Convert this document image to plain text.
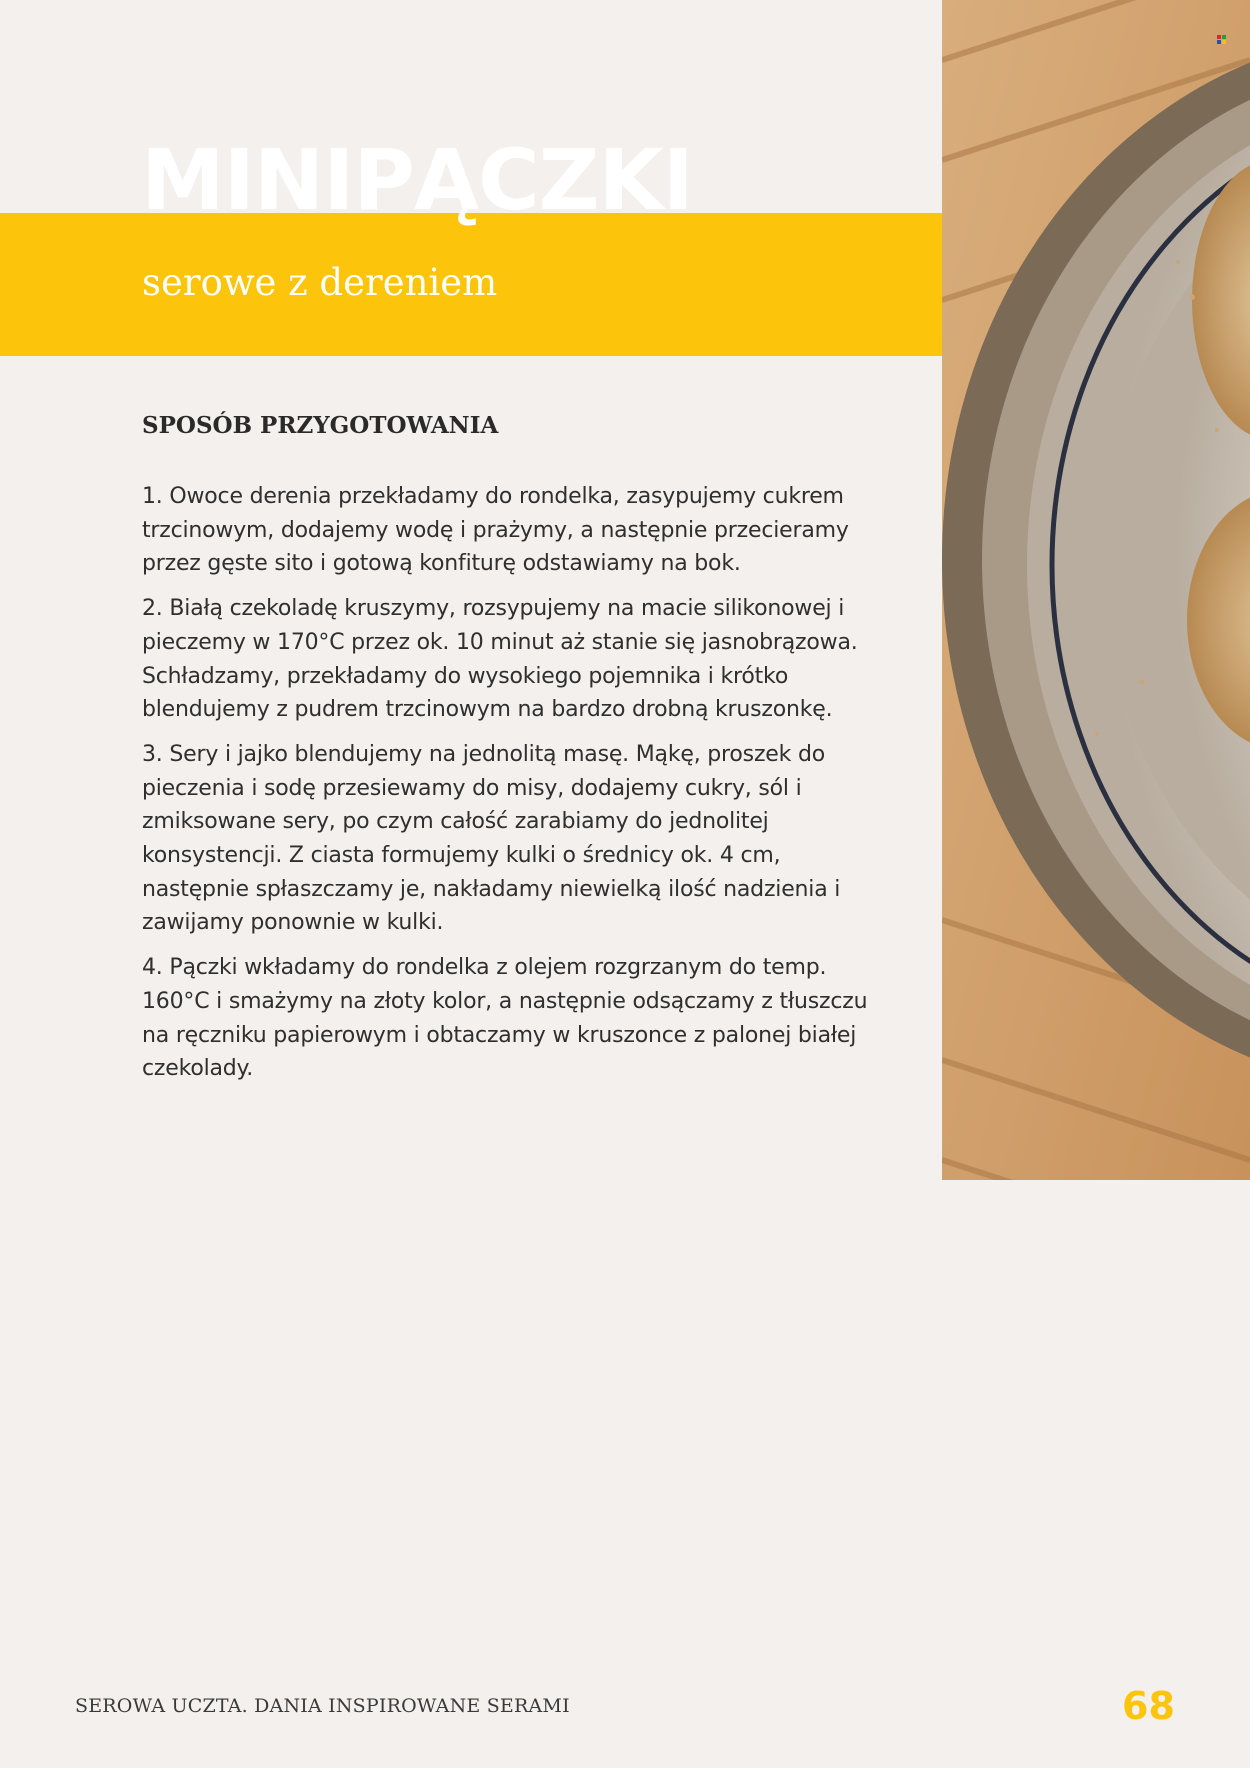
MINIPĄCZKI

serowe z dereniem

SPOSÓB PRZYGOTOWANIA
1. Owoce derenia przekładamy do rondelka, zasypujemy cukrem trzcinowym, dodajemy wodę i prażymy, a następnie przecieramy przez gęste sito i gotową konfiturę odstawiamy na bok.
2. Białą czekoladę kruszymy, rozsypujemy na macie silikonowej i pieczemy w 170°C przez ok. 10 minut aż stanie się jasnobrązowa. Schładzamy, przekładamy do wysokiego pojemnika i krótko blendujemy z pudrem trzcinowym na bardzo drobną kruszonkę.
3. Sery i jajko blendujemy na jednolitą masę. Mąkę, proszek do pieczenia i sodę przesiewamy do misy, dodajemy cukry, sól i zmiksowane sery, po czym całość zarabiamy do jednolitej konsystencji. Z ciasta formujemy kulki o średnicy ok. 4 cm, następnie spłaszczamy je, nakładamy niewielką ilość nadzienia i zawijamy ponownie w kulki.
4. Pączki wkładamy do rondelka z olejem rozgrzanym do temp. 160°C i smażymy na złoty kolor, a następnie odsączamy z tłuszczu na ręczniku papierowym i obtaczamy w kruszonce z palonej białej czekolady.

SEROWA UCZTA. DANIA INSPIROWANE SERAMI	68
